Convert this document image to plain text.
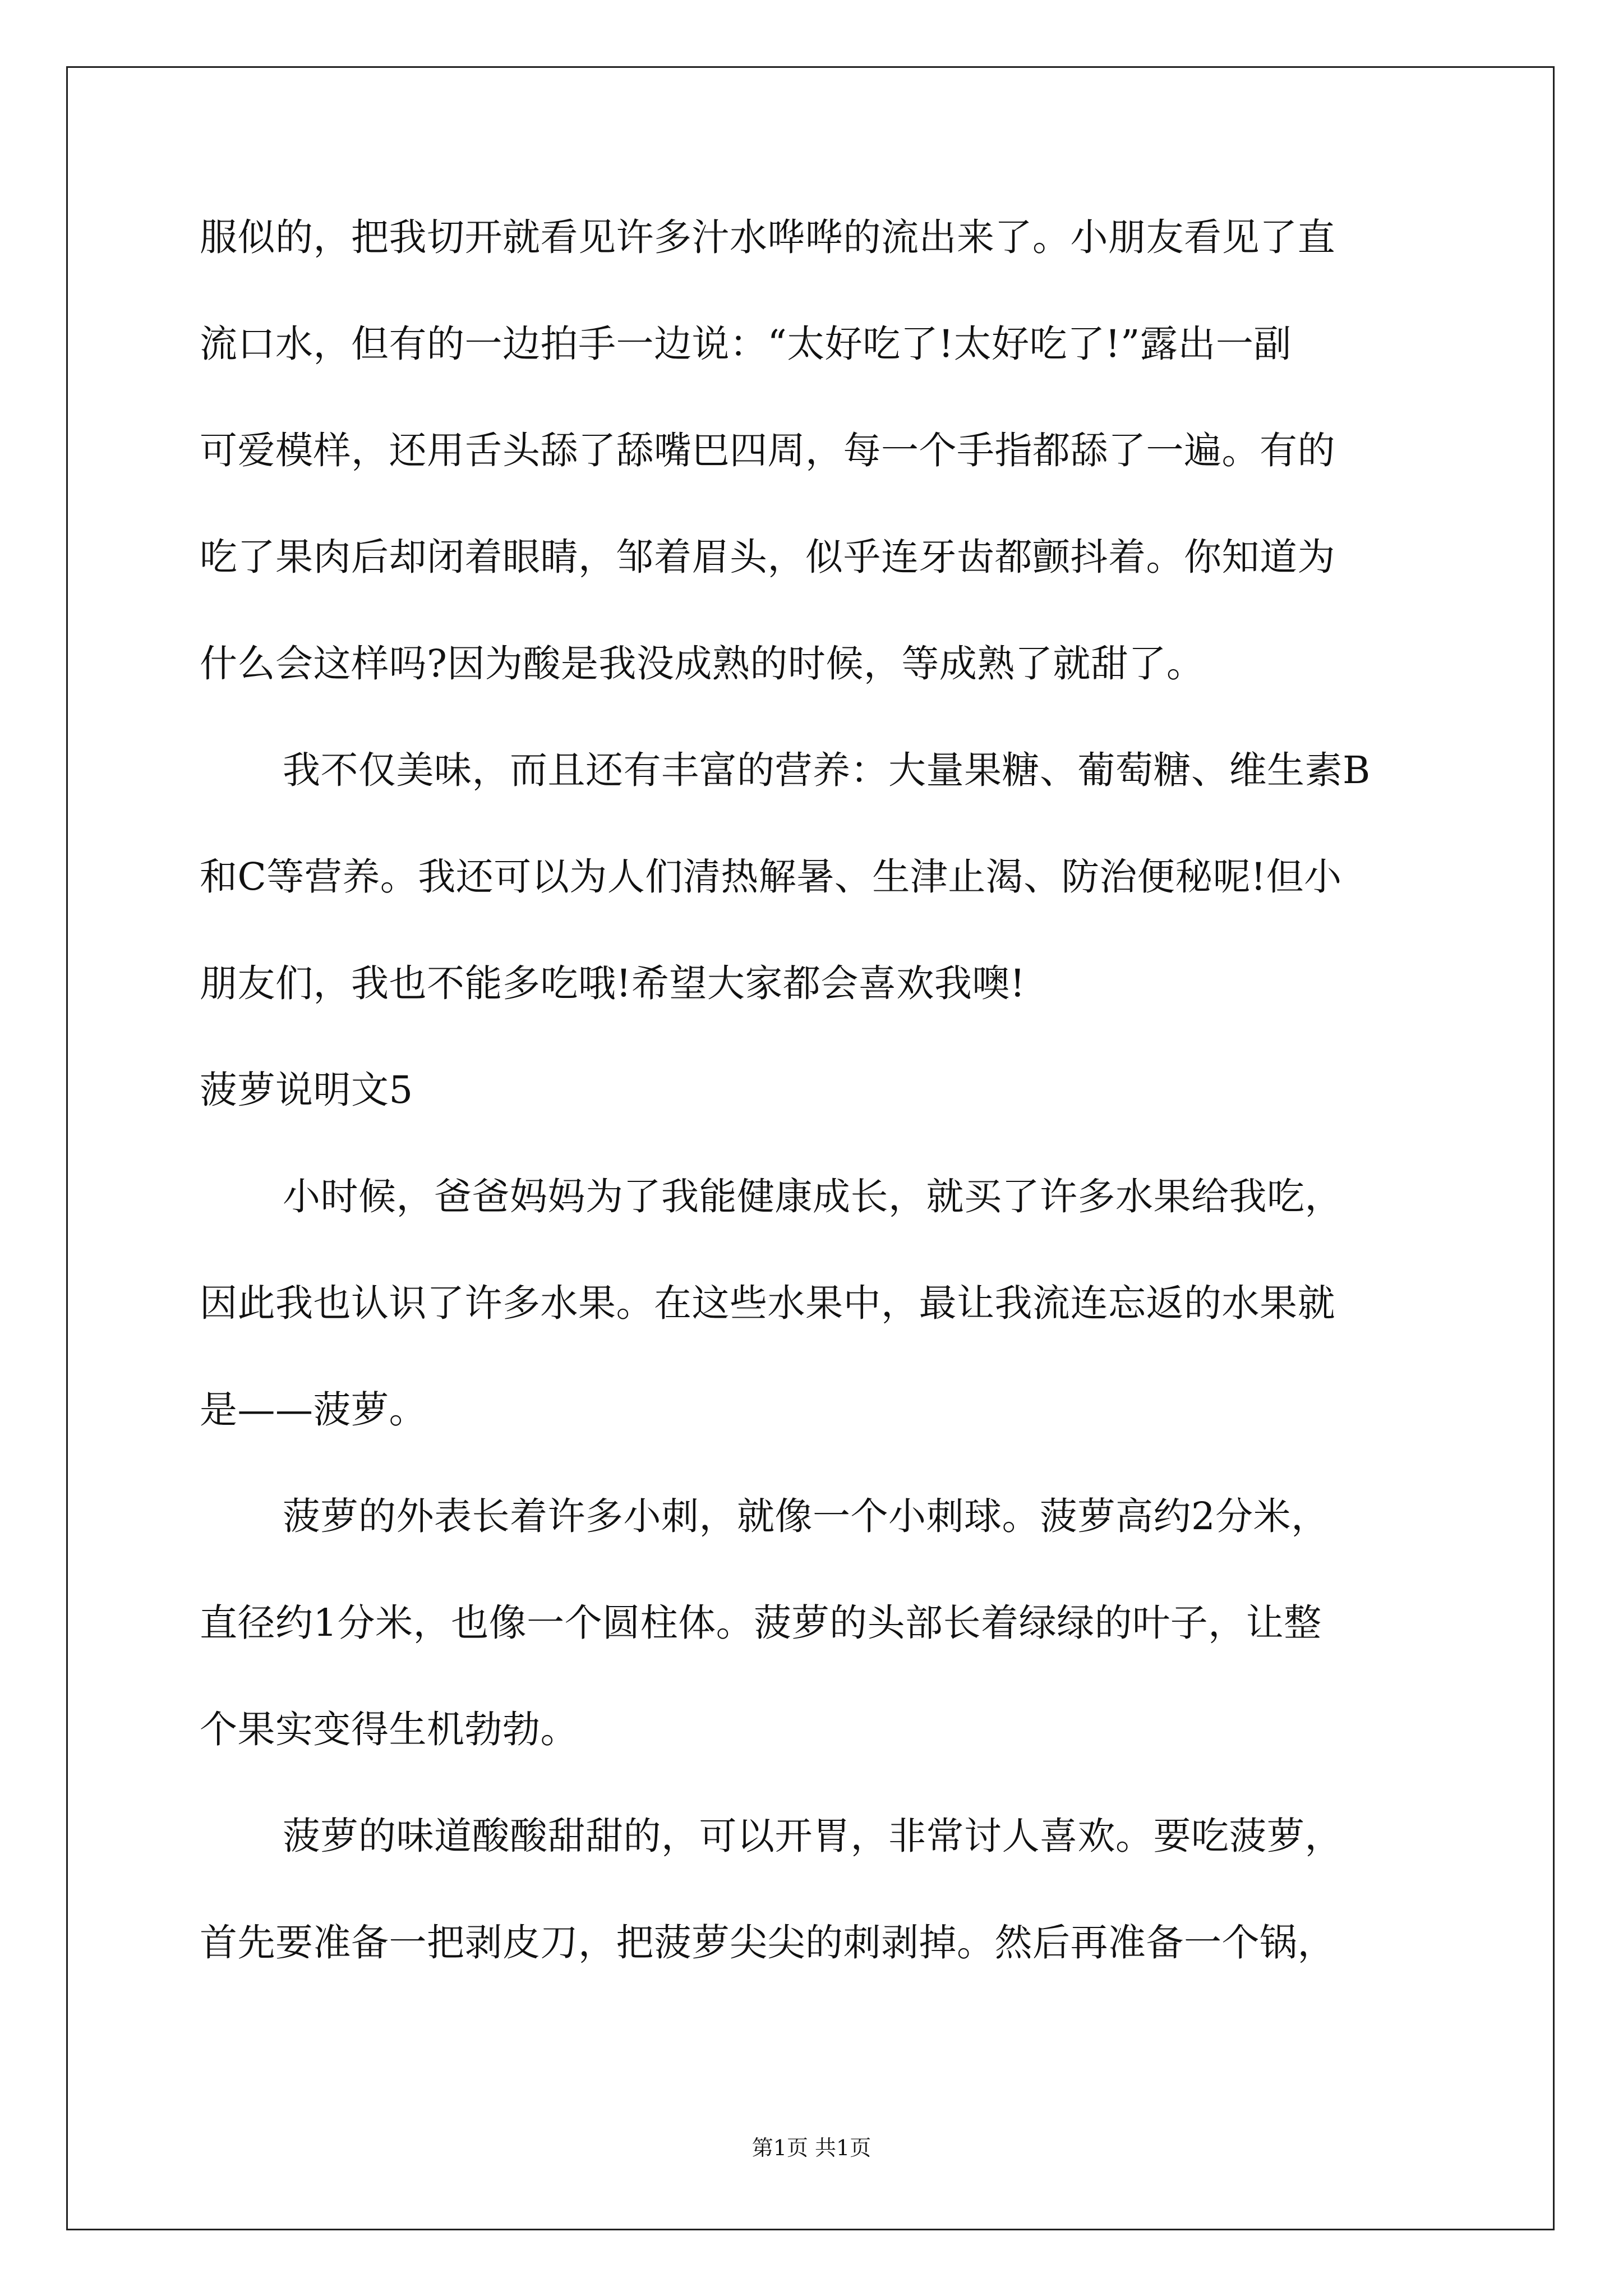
服似的，把我切开就看见许多汁水哗哗的流出来了。小朋友看见了直
流口水，但有的一边拍手一边说：“太好吃了!太好吃了!”露出一副
可爱模样，还用舌头舔了舔嘴巴四周，每一个手指都舔了一遍。有的
吃了果肉后却闭着眼睛，邹着眉头，似乎连牙齿都颤抖着。你知道为
什么会这样吗?因为酸是我没成熟的时候，等成熟了就甜了。
我不仅美味，而且还有丰富的营养：大量果糖、葡萄糖、维生素B
和C等营养。我还可以为人们清热解暑、生津止渴、防治便秘呢!但小
朋友们，我也不能多吃哦!希望大家都会喜欢我噢!
菠萝说明文5
小时候，爸爸妈妈为了我能健康成长，就买了许多水果给我吃，
因此我也认识了许多水果。在这些水果中，最让我流连忘返的水果就
是——菠萝。
菠萝的外表长着许多小刺，就像一个小刺球。菠萝高约2分米，
直径约1分米，也像一个圆柱体。菠萝的头部长着绿绿的叶子，让整
个果实变得生机勃勃。
菠萝的味道酸酸甜甜的，可以开胃，非常讨人喜欢。要吃菠萝，
首先要准备一把剥皮刀，把菠萝尖尖的刺剥掉。然后再准备一个锅，
第1页 共1页
